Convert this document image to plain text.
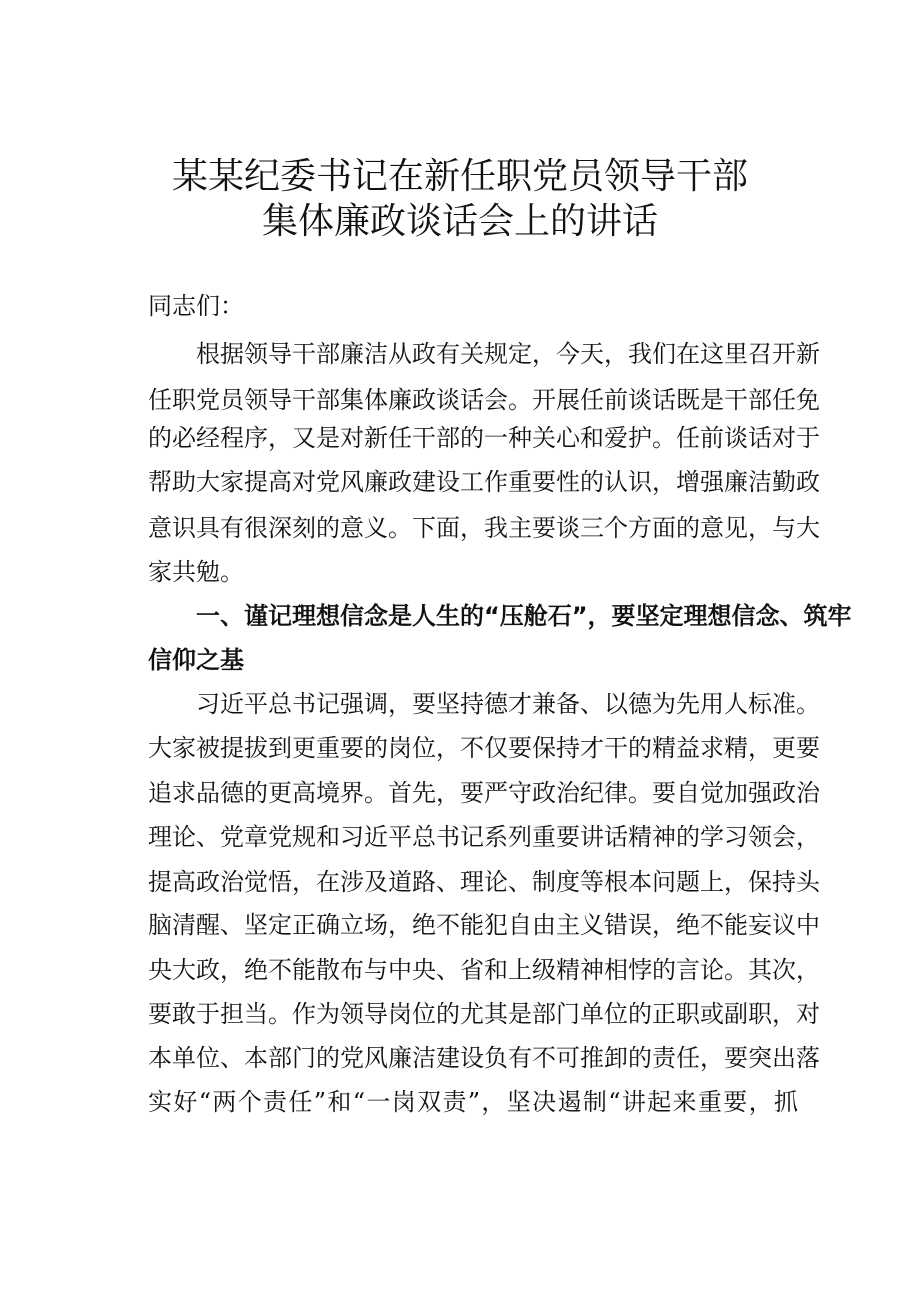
某某纪委书记在新任职党员领导干部
集体廉政谈话会上的讲话
同志们：
根据领导干部廉洁从政有关规定，今天，我们在这里召开新
任职党员领导干部集体廉政谈话会。开展任前谈话既是干部任免
的必经程序，又是对新任干部的一种关心和爱护。任前谈话对于
帮助大家提高对党风廉政建设工作重要性的认识，增强廉洁勤政
意识具有很深刻的意义。下面，我主要谈三个方面的意见，与大
家共勉。
一、谨记理想信念是人生的“压舱石”，要坚定理想信念、筑牢
信仰之基
习近平总书记强调，要坚持德才兼备、以德为先用人标准。
大家被提拔到更重要的岗位，不仅要保持才干的精益求精，更要
追求品德的更高境界。首先，要严守政治纪律。要自觉加强政治
理论、党章党规和习近平总书记系列重要讲话精神的学习领会，
提高政治觉悟，在涉及道路、理论、制度等根本问题上，保持头
脑清醒、坚定正确立场，绝不能犯自由主义错误，绝不能妄议中
央大政，绝不能散布与中央、省和上级精神相悖的言论。其次，
要敢于担当。作为领导岗位的尤其是部门单位的正职或副职，对
本单位、本部门的党风廉洁建设负有不可推卸的责任，要突出落
实好“两个责任”和“一岗双责”，坚决遏制“讲起来重要，抓
